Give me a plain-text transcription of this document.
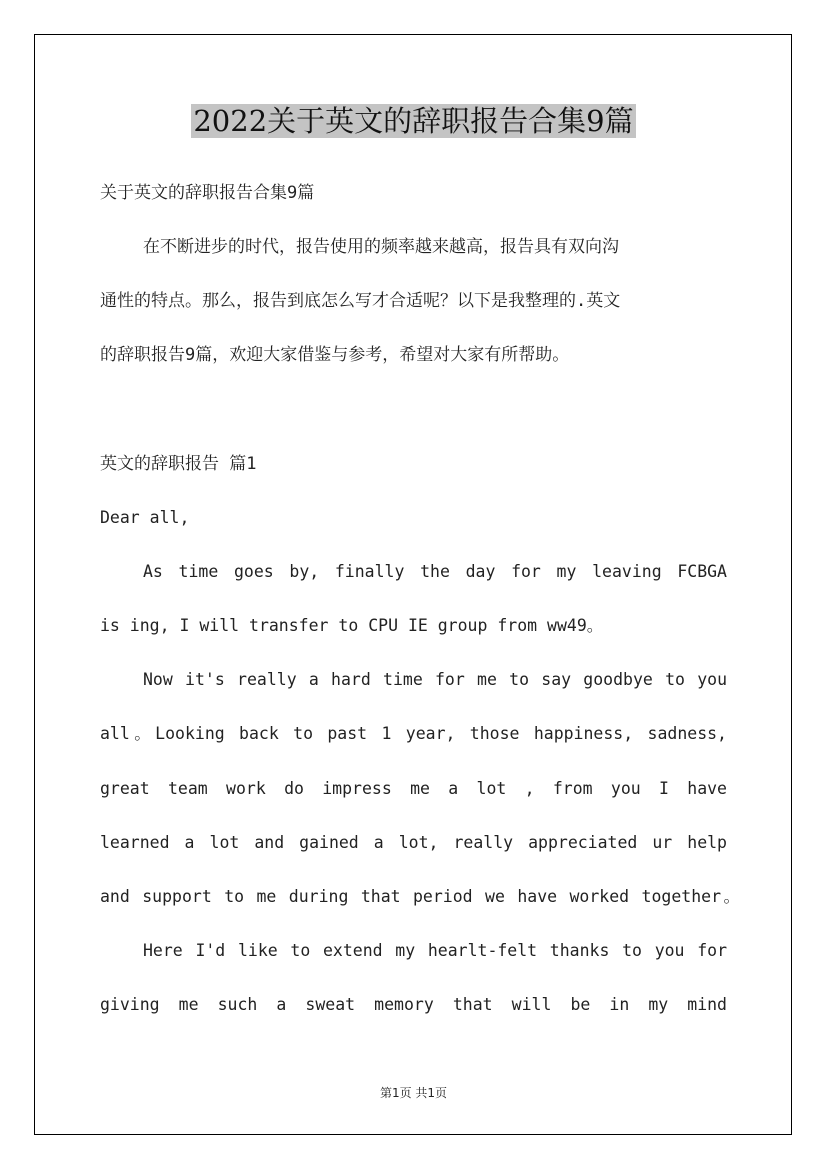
2022关于英文的辞职报告合集9篇
关于英文的辞职报告合集9篇
在不断进步的时代，报告使用的频率越来越高，报告具有双向沟
通性的特点。那么，报告到底怎么写才合适呢？以下是我整理的.英文
的辞职报告9篇，欢迎大家借鉴与参考，希望对大家有所帮助。
英文的辞职报告 篇1
Dear all,
As time goes by, finally the day for my leaving FCBGA
is ing, I will transfer to CPU IE group from ww49。
Now it's really a hard time for me to say goodbye to you
all。Looking back to past 1 year, those happiness, sadness,
great team work do impress me a lot , from you I have
learned a lot and gained a lot, really appreciated ur help
and support to me during that period we have worked together。
Here I'd like to extend my hearlt-felt thanks to you for
giving me such a sweat memory that will be in my mind
第1页 共1页
